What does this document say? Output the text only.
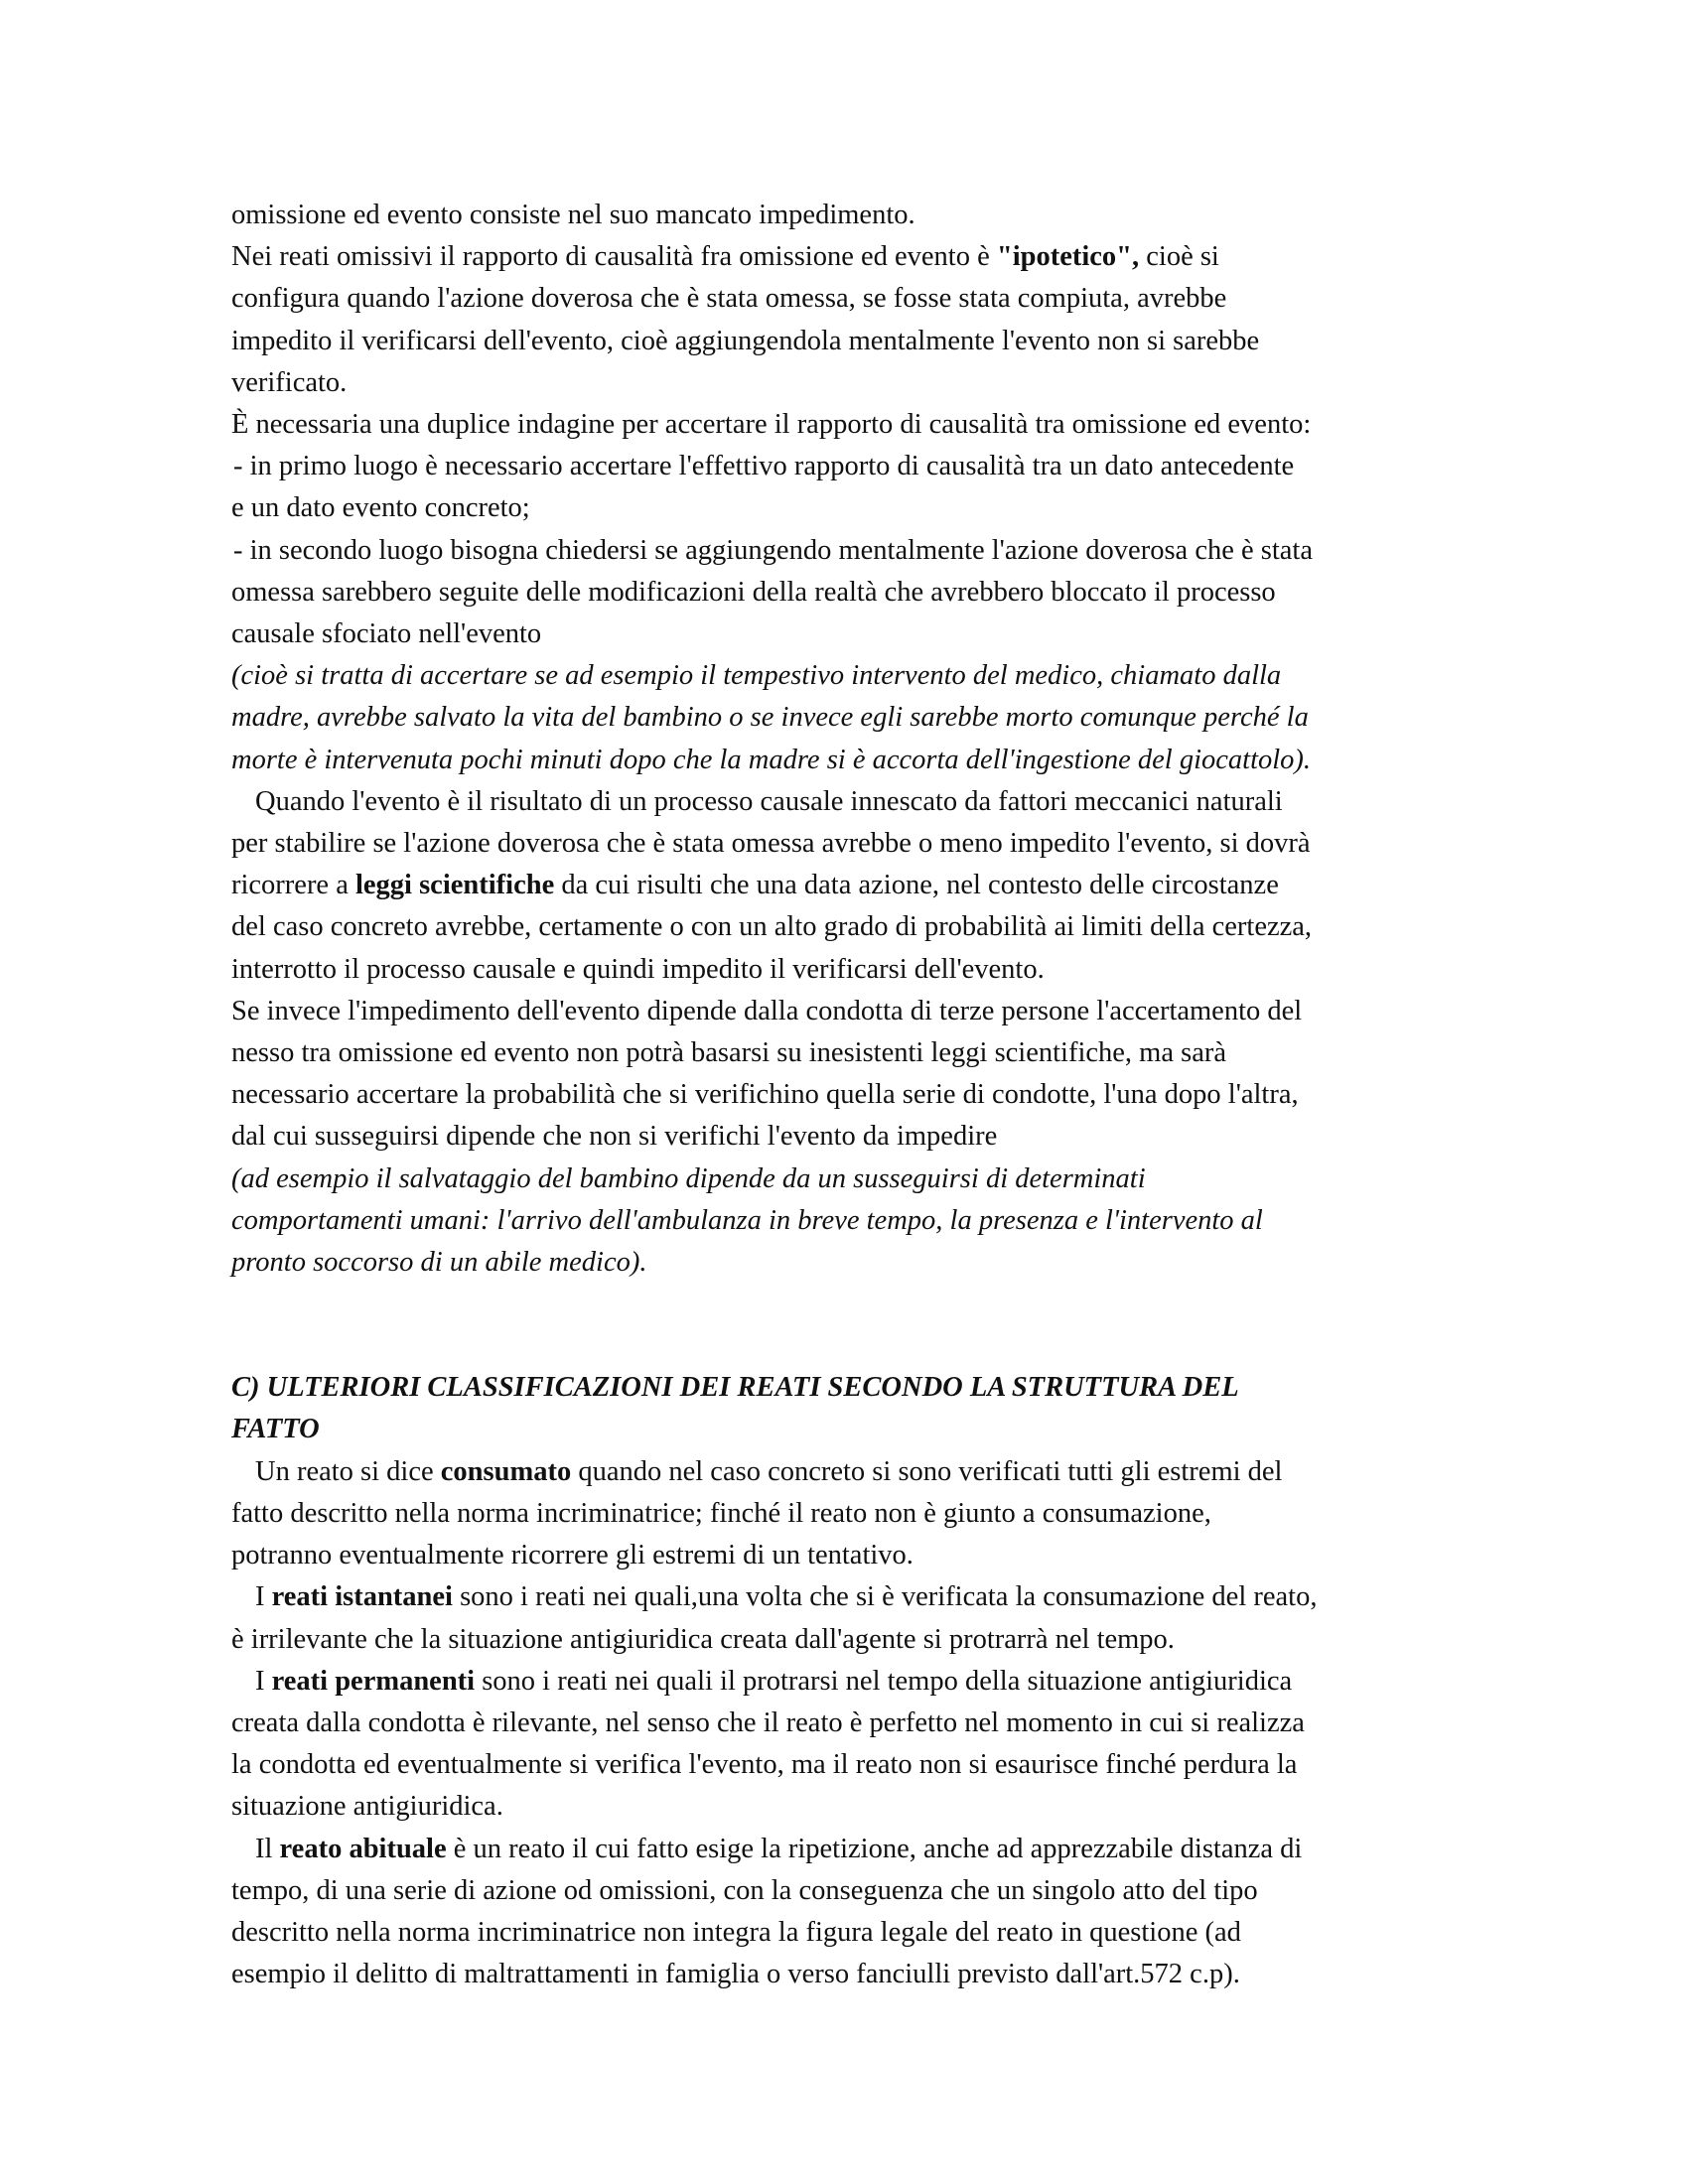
omissione ed evento consiste nel suo mancato impedimento.
Nei reati omissivi il rapporto di causalità fra omissione ed evento è "ipotetico", cioè si
configura quando l'azione doverosa che è stata omessa, se fosse stata compiuta, avrebbe
impedito il verificarsi dell'evento, cioè aggiungendola mentalmente l'evento non si sarebbe
verificato.
È necessaria una duplice indagine per accertare il rapporto di causalità tra omissione ed evento:
- in primo luogo è necessario accertare l'effettivo rapporto di causalità tra un dato antecedente
e un dato evento concreto;
- in secondo luogo bisogna chiedersi se aggiungendo mentalmente l'azione doverosa che è stata
omessa sarebbero seguite delle modificazioni della realtà che avrebbero bloccato il processo
causale sfociato nell'evento
(cioè si tratta di accertare se ad esempio il tempestivo intervento del medico, chiamato dalla
madre, avrebbe salvato la vita del bambino o se invece egli sarebbe morto comunque perché la
morte è intervenuta pochi minuti dopo che la madre si è accorta dell'ingestione del giocattolo).
Quando l'evento è il risultato di un processo causale innescato da fattori meccanici naturali
per stabilire se l'azione doverosa che è stata omessa avrebbe o meno impedito l'evento, si dovrà
ricorrere a leggi scientifiche da cui risulti che una data azione, nel contesto delle circostanze
del caso concreto avrebbe, certamente o con un alto grado di probabilità ai limiti della certezza,
interrotto il processo causale e quindi impedito il verificarsi dell'evento.
Se invece l'impedimento dell'evento dipende dalla condotta di terze persone l'accertamento del
nesso tra omissione ed evento non potrà basarsi su inesistenti leggi scientifiche, ma sarà
necessario accertare la probabilità che si verifichino quella serie di condotte, l'una dopo l'altra,
dal cui susseguirsi dipende che non si verifichi l'evento da impedire
(ad esempio il salvataggio del bambino dipende da un susseguirsi di determinati
comportamenti umani: l'arrivo dell'ambulanza in breve tempo, la presenza e l'intervento al
pronto soccorso di un abile medico).
C) ULTERIORI CLASSIFICAZIONI DEI REATI SECONDO LA STRUTTURA DEL
FATTO
Un reato si dice consumato quando nel caso concreto si sono verificati tutti gli estremi del
fatto descritto nella norma incriminatrice; finché il reato non è giunto a consumazione,
potranno eventualmente ricorrere gli estremi di un tentativo.
I reati istantanei sono i reati nei quali,una volta che si è verificata la consumazione del reato,
è irrilevante che la situazione antigiuridica creata dall'agente si protrarrà nel tempo.
I reati permanenti sono i reati nei quali il protrarsi nel tempo della situazione antigiuridica
creata dalla condotta è rilevante, nel senso che il reato è perfetto nel momento in cui si realizza
la condotta ed eventualmente si verifica l'evento, ma il reato non si esaurisce finché perdura la
situazione antigiuridica.
Il reato abituale è un reato il cui fatto esige la ripetizione, anche ad apprezzabile distanza di
tempo, di una serie di azione od omissioni, con la conseguenza che un singolo atto del tipo
descritto nella norma incriminatrice non integra la figura legale del reato in questione (ad
esempio il delitto di maltrattamenti in famiglia o verso fanciulli previsto dall'art.572 c.p).
